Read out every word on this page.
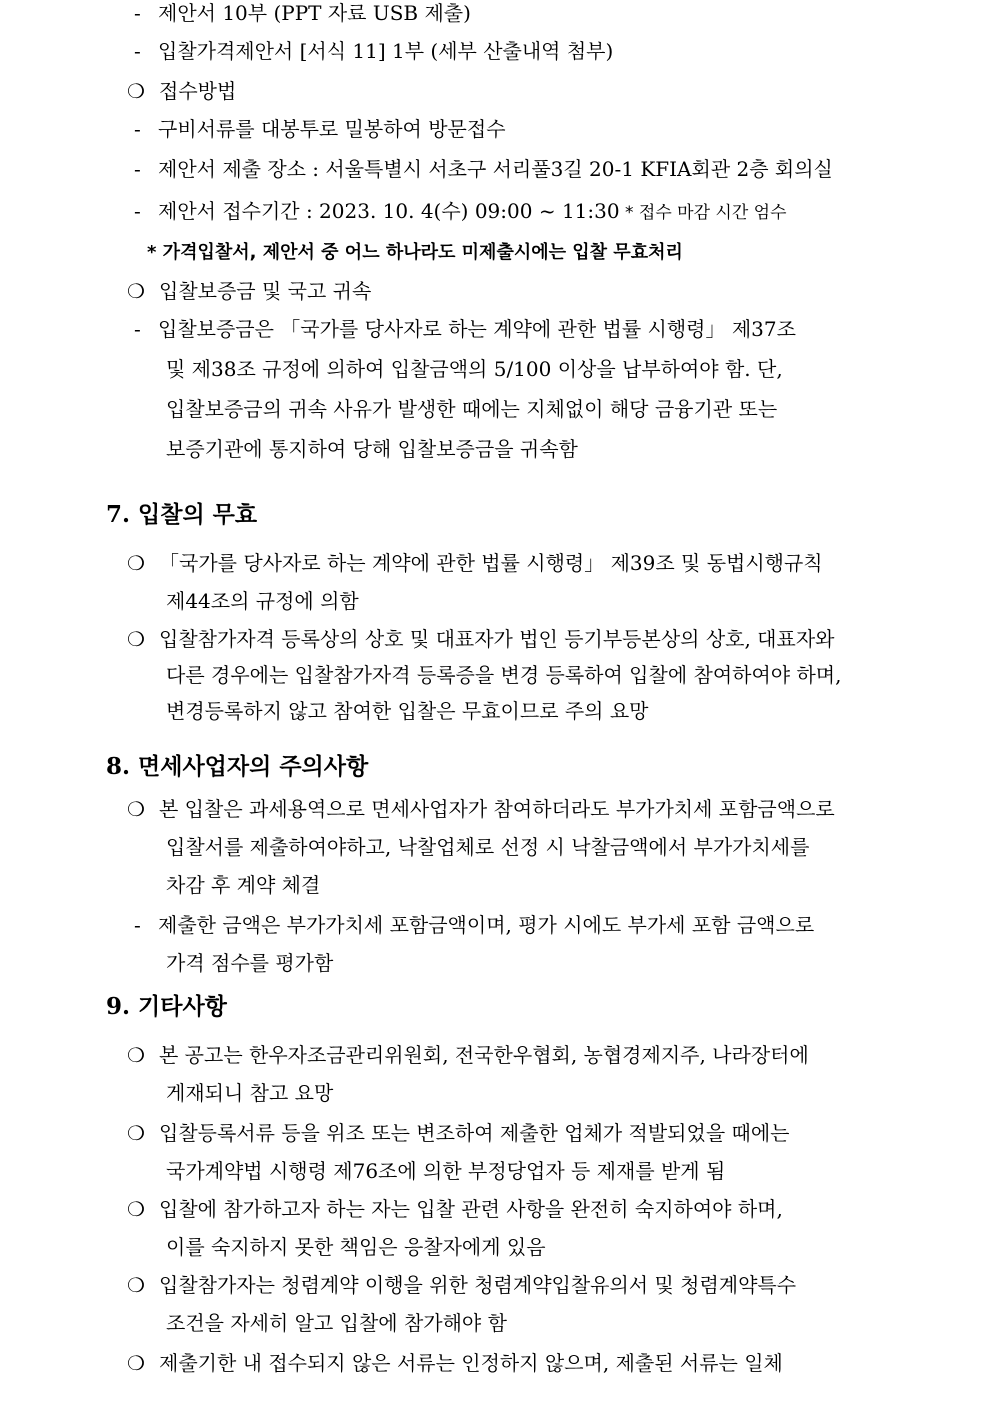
- 제안서 10부 (PPT 자료 USB 제출)
- 입찰가격제안서 [서식 11] 1부 (세부 산출내역 첨부)
❍ 접수방법
- 구비서류를 대봉투로 밀봉하여 방문접수
- 제안서 제출 장소 : 서울특별시 서초구 서리풀3길 20-1 KFIA회관 2층 회의실
- 제안서 접수기간 : 2023. 10. 4(수) 09:00 ~ 11:30 * 접수 마감 시간 엄수
* 가격입찰서, 제안서 중 어느 하나라도 미제출시에는 입찰 무효처리
❍ 입찰보증금 및 국고 귀속
- 입찰보증금은 「국가를 당사자로 하는 계약에 관한 법률 시행령」 제37조
및 제38조 규정에 의하여 입찰금액의 5/100 이상을 납부하여야 함. 단,
입찰보증금의 귀속 사유가 발생한 때에는 지체없이 해당 금융기관 또는
보증기관에 통지하여 당해 입찰보증금을 귀속함
7. 입찰의 무효
❍ 「국가를 당사자로 하는 계약에 관한 법률 시행령」 제39조 및 동법시행규칙
제44조의 규정에 의함
❍ 입찰참가자격 등록상의 상호 및 대표자가 법인 등기부등본상의 상호, 대표자와
다른 경우에는 입찰참가자격 등록증을 변경 등록하여 입찰에 참여하여야 하며,
변경등록하지 않고 참여한 입찰은 무효이므로 주의 요망
8. 면세사업자의 주의사항
❍ 본 입찰은 과세용역으로 면세사업자가 참여하더라도 부가가치세 포함금액으로
입찰서를 제출하여야하고, 낙찰업체로 선정 시 낙찰금액에서 부가가치세를
차감 후 계약 체결
- 제출한 금액은 부가가치세 포함금액이며, 평가 시에도 부가세 포함 금액으로
가격 점수를 평가함
9. 기타사항
❍ 본 공고는 한우자조금관리위원회, 전국한우협회, 농협경제지주, 나라장터에
게재되니 참고 요망
❍ 입찰등록서류 등을 위조 또는 변조하여 제출한 업체가 적발되었을 때에는
국가계약법 시행령 제76조에 의한 부정당업자 등 제재를 받게 됨
❍ 입찰에 참가하고자 하는 자는 입찰 관련 사항을 완전히 숙지하여야 하며,
이를 숙지하지 못한 책임은 응찰자에게 있음
❍ 입찰참가자는 청렴계약 이행을 위한 청렴계약입찰유의서 및 청렴계약특수
조건을 자세히 알고 입찰에 참가해야 함
❍ 제출기한 내 접수되지 않은 서류는 인정하지 않으며, 제출된 서류는 일체
